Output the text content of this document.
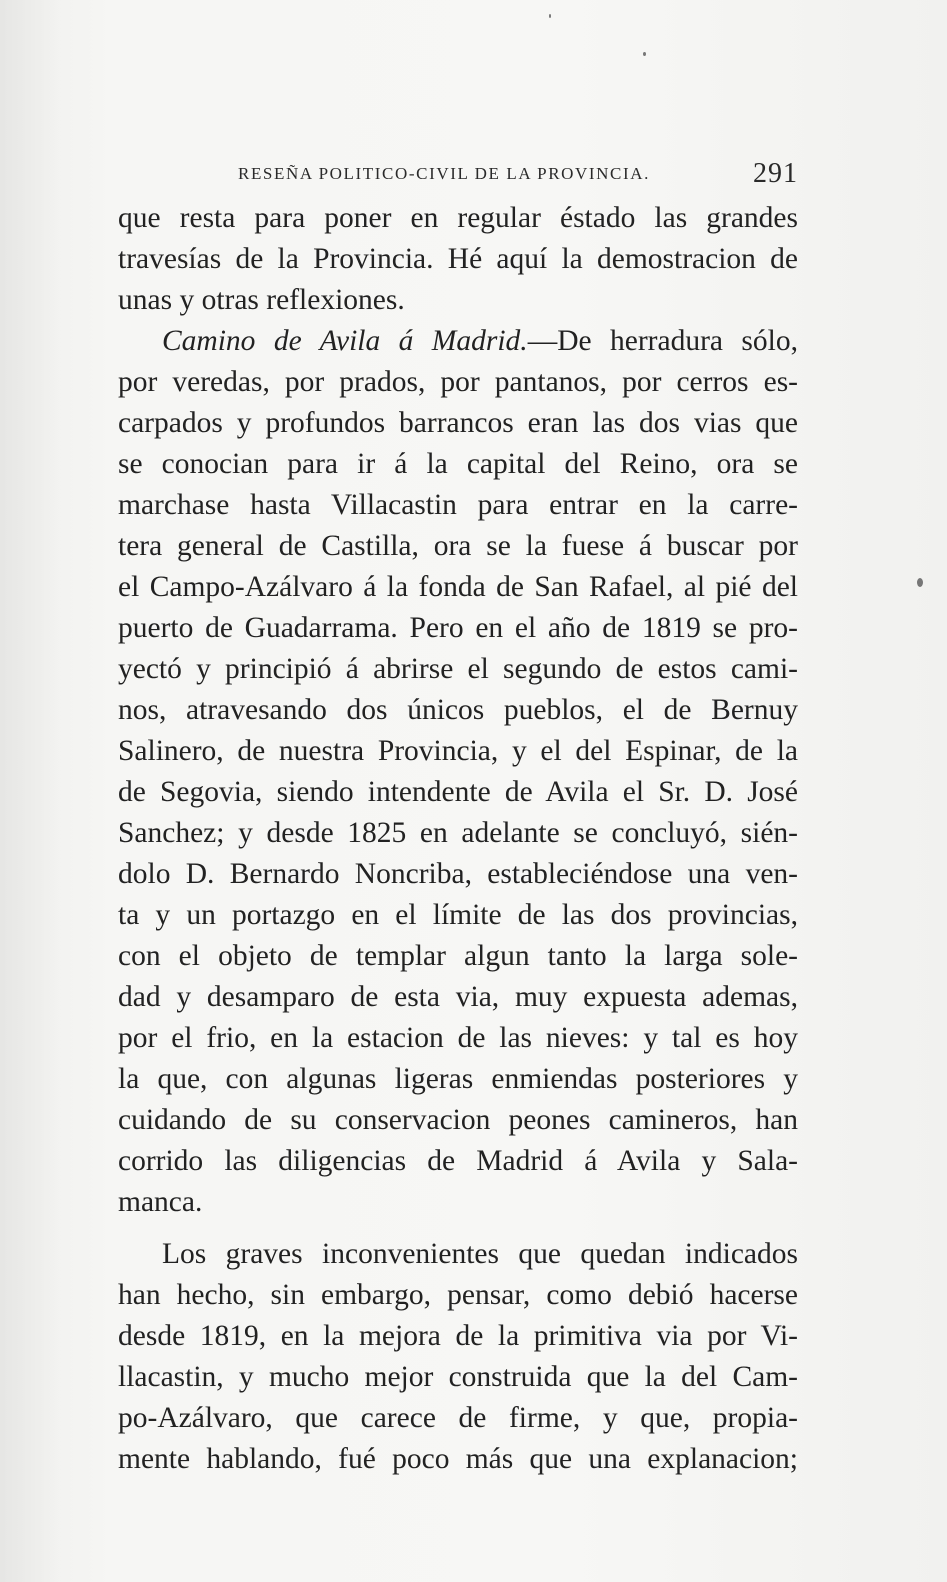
RESEÑA POLITICO-CIVIL DE LA PROVINCIA.	291
que resta para poner en regular éstado las grandes
travesías de la Provincia. Hé aquí la demostracion de
unas y otras reflexiones.
Camino de Avila á Madrid.—De herradura sólo,
por veredas, por prados, por pantanos, por cerros es-
carpados y profundos barrancos eran las dos vias que
se conocian para ir á la capital del Reino, ora se
marchase hasta Villacastin para entrar en la carre-
tera general de Castilla, ora se la fuese á buscar por
el Campo-Azálvaro á la fonda de San Rafael, al pié del
puerto de Guadarrama. Pero en el año de 1819 se pro-
yectó y principió á abrirse el segundo de estos cami-
nos, atravesando dos únicos pueblos, el de Bernuy
Salinero, de nuestra Provincia, y el del Espinar, de la
de Segovia, siendo intendente de Avila el Sr. D. José
Sanchez; y desde 1825 en adelante se concluyó, sién-
dolo D. Bernardo Noncriba, estableciéndose una ven-
ta y un portazgo en el límite de las dos provincias,
con el objeto de templar algun tanto la larga sole-
dad y desamparo de esta via, muy expuesta ademas,
por el frio, en la estacion de las nieves: y tal es hoy
la que, con algunas ligeras enmiendas posteriores y
cuidando de su conservacion peones camineros, han
corrido las diligencias de Madrid á Avila y Sala-
manca.
Los graves inconvenientes que quedan indicados
han hecho, sin embargo, pensar, como debió hacerse
desde 1819, en la mejora de la primitiva via por Vi-
llacastin, y mucho mejor construida que la del Cam-
po-Azálvaro, que carece de firme, y que, propia-
mente hablando, fué poco más que una explanacion;
